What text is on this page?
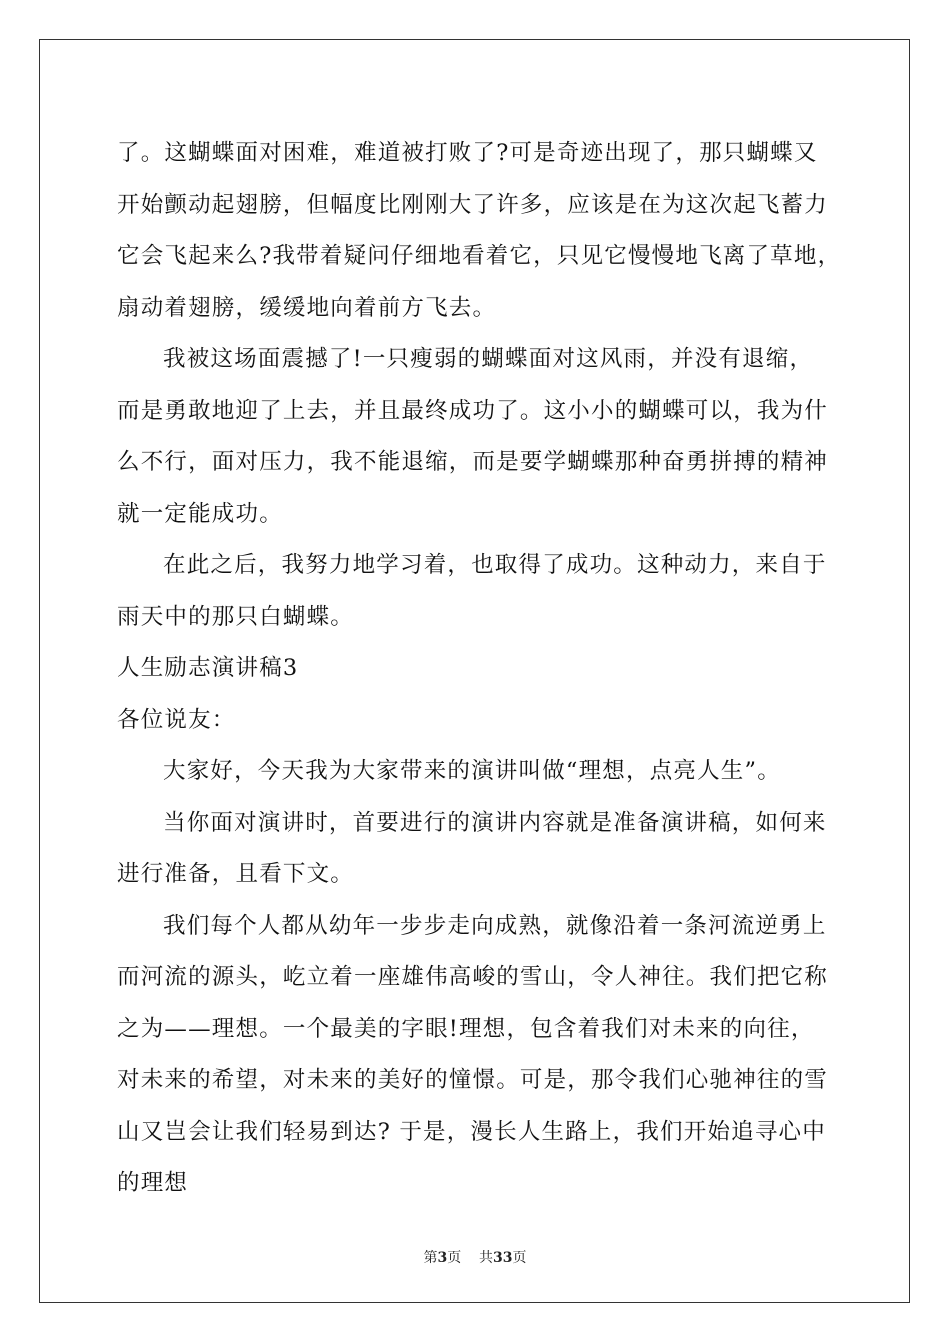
了。这蝴蝶面对困难，难道被打败了?可是奇迹出现了，那只蝴蝶又

开始颤动起翅膀，但幅度比刚刚大了许多，应该是在为这次起飞蓄力

它会飞起来么?我带着疑问仔细地看着它，只见它慢慢地飞离了草地，

扇动着翅膀，缓缓地向着前方飞去。

我被这场面震撼了!一只瘦弱的蝴蝶面对这风雨，并没有退缩，

而是勇敢地迎了上去，并且最终成功了。这小小的蝴蝶可以，我为什

么不行，面对压力，我不能退缩，而是要学蝴蝶那种奋勇拼搏的精神

就一定能成功。

在此之后，我努力地学习着，也取得了成功。这种动力，来自于

雨天中的那只白蝴蝶。

人生励志演讲稿3

各位说友：

大家好，今天我为大家带来的演讲叫做“理想，点亮人生”。

当你面对演讲时，首要进行的演讲内容就是准备演讲稿，如何来

进行准备，且看下文。

我们每个人都从幼年一步步走向成熟，就像沿着一条河流逆勇上

而河流的源头，屹立着一座雄伟高峻的雪山，令人神往。我们把它称

之为——理想。一个最美的字眼!理想，包含着我们对未来的向往，

对未来的希望，对未来的美好的憧憬。可是，那令我们心驰神往的雪

山又岂会让我们轻易到达? 于是，漫长人生路上，我们开始追寻心中

的理想

第3页 共33页
